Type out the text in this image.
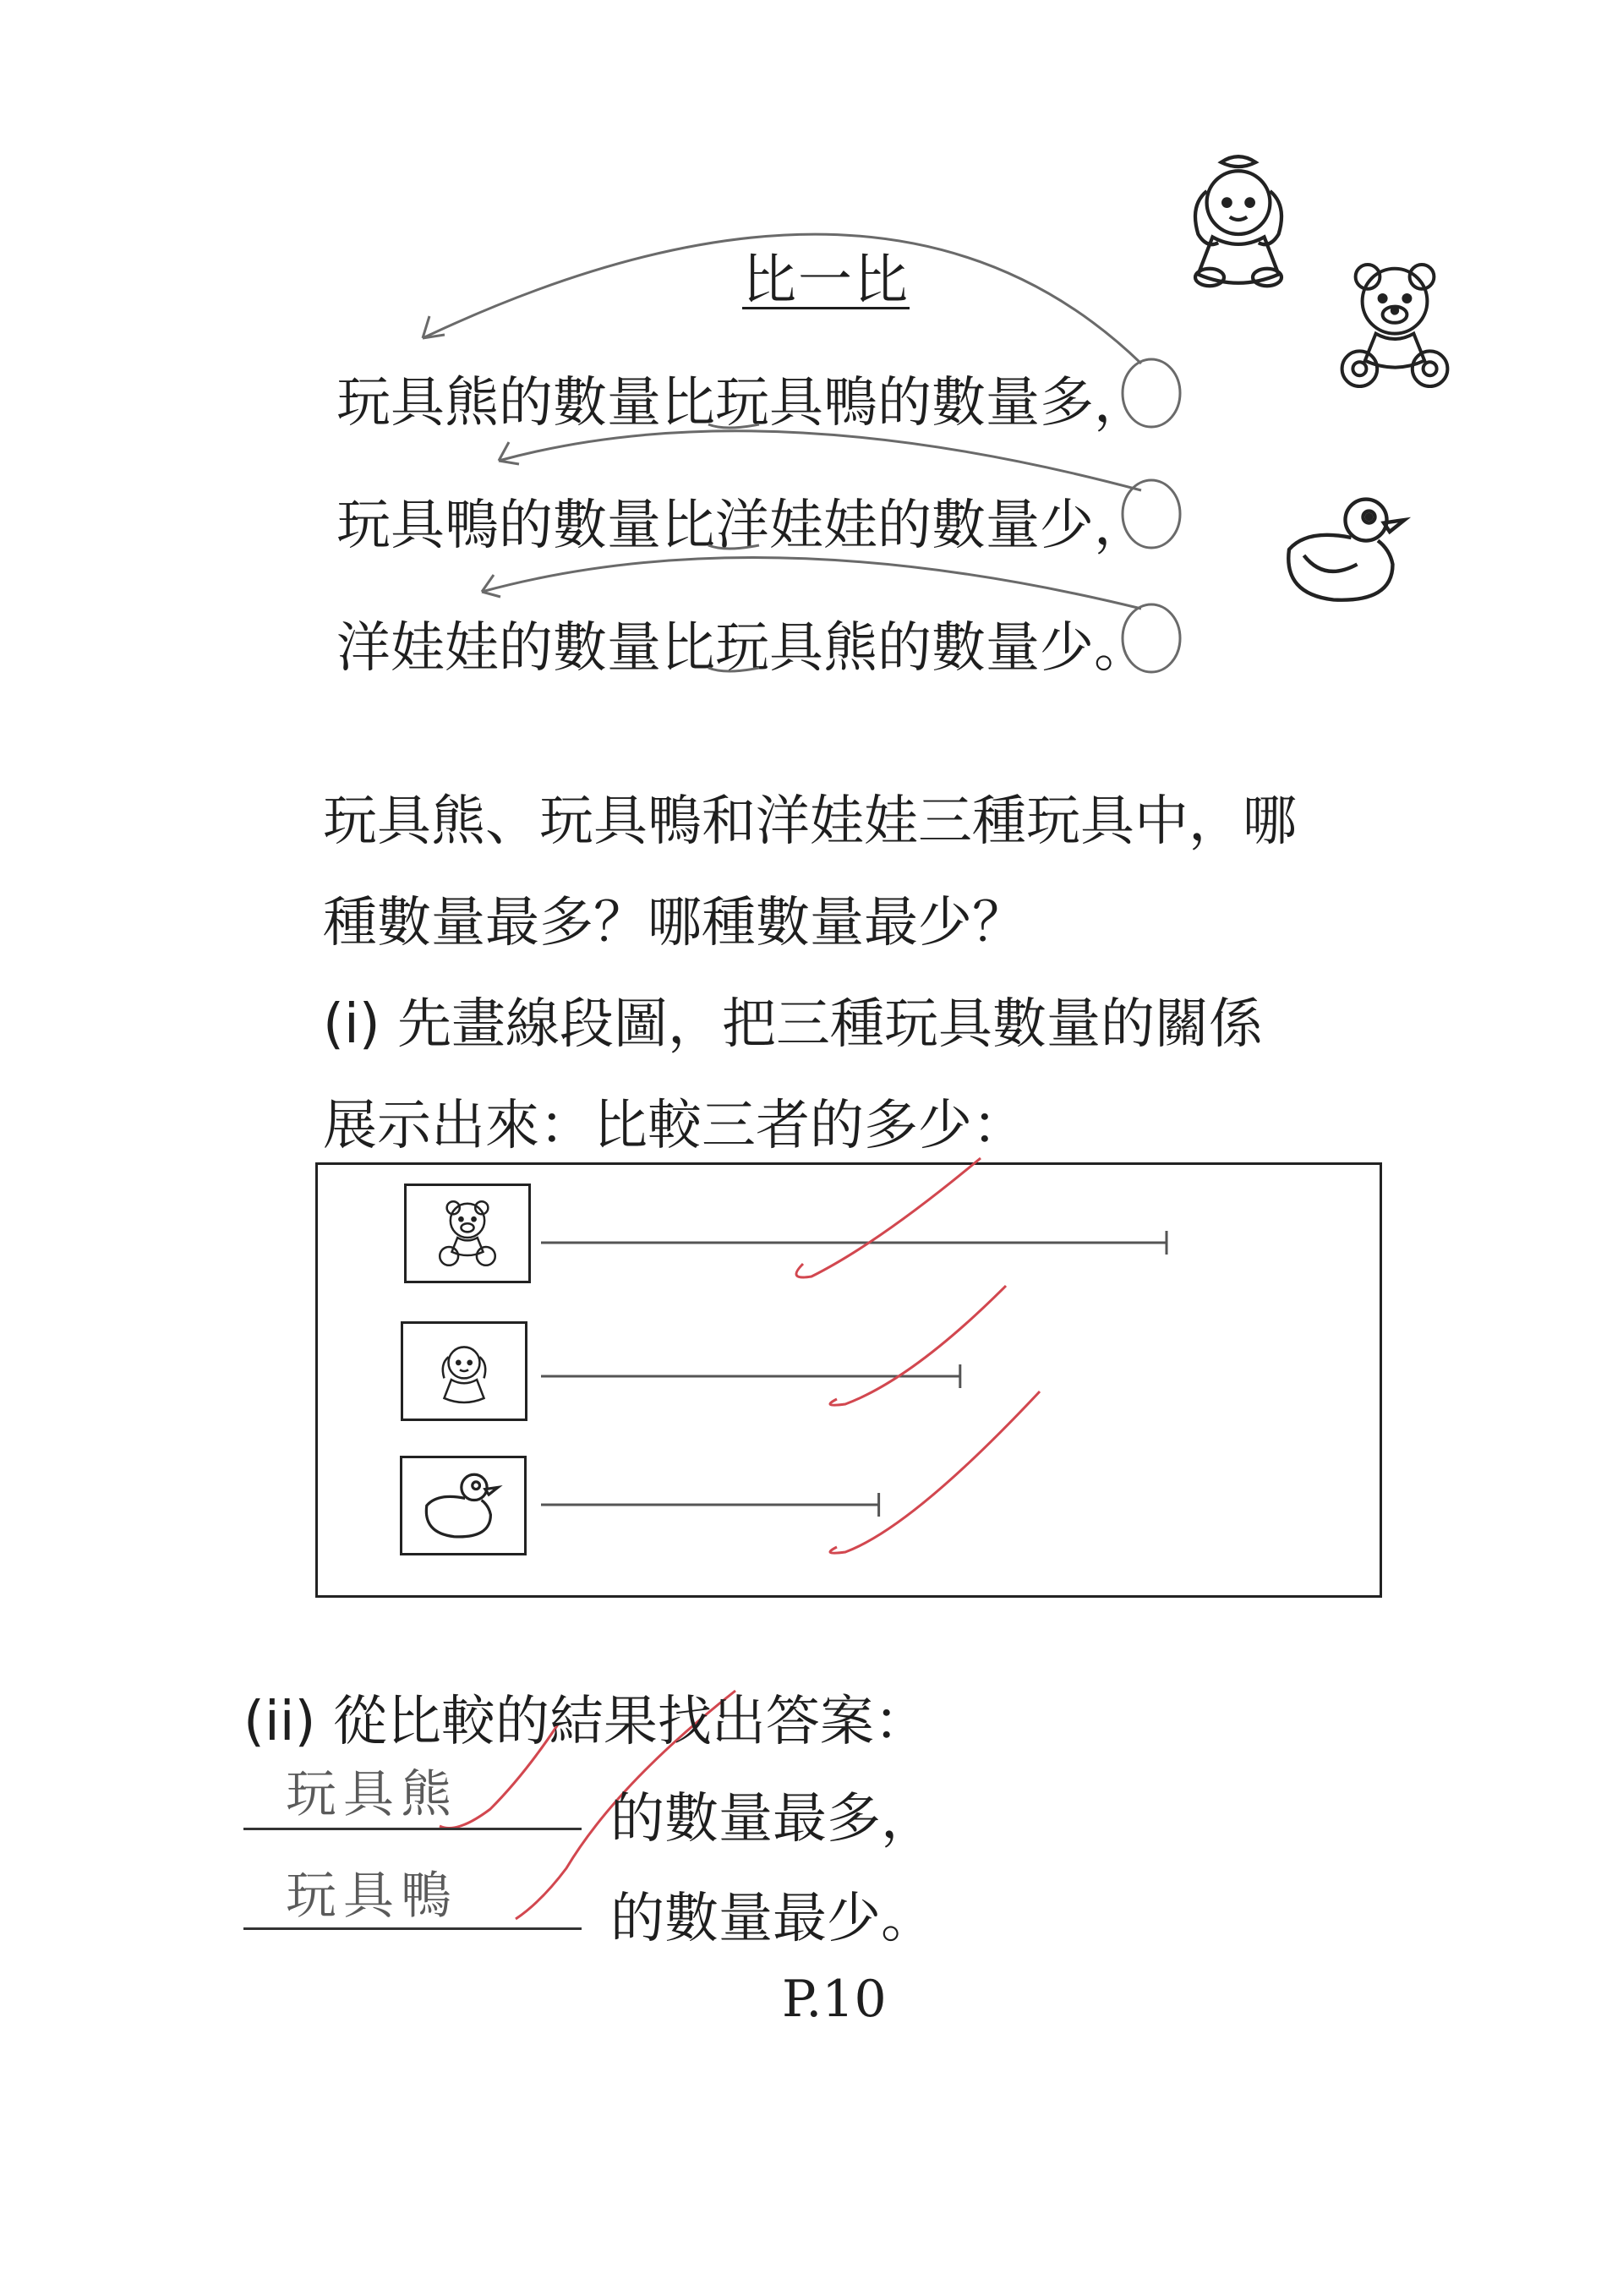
比一比
玩具熊的數量比玩具鴨的數量多，
玩具鴨的數量比洋娃娃的數量少，
洋娃娃的數量比玩具熊的數量少。
玩具熊、玩具鴨和洋娃娃三種玩具中，哪
種數量最多？哪種數量最少？
(i) 先畫線段圖，把三種玩具數量的關係
展示出來：比較三者的多少：
(ii) 從比較的結果找出答案：
玩具熊	的數量最多，
玩具鴨	的數量最少。
P.10
